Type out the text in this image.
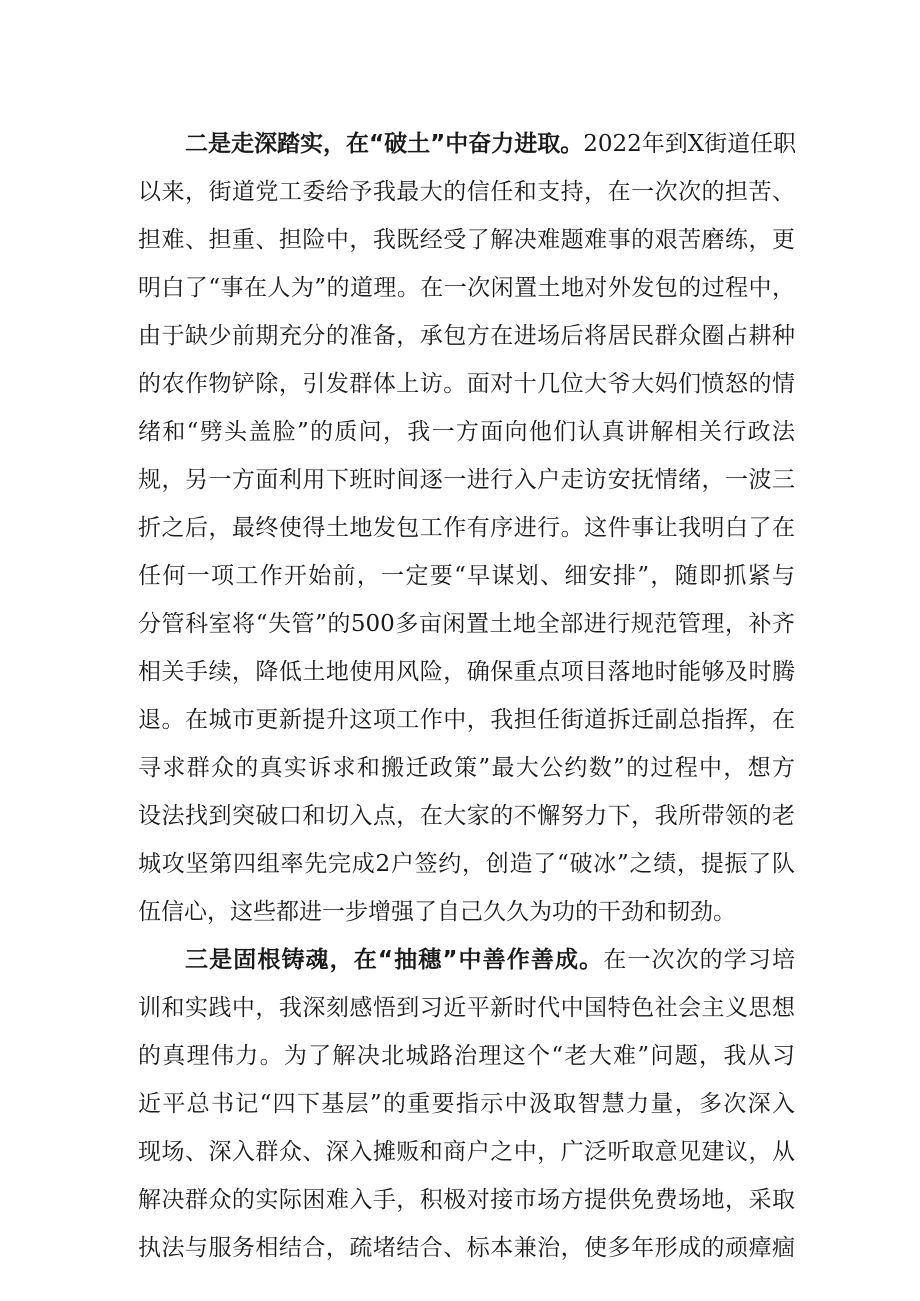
二是走深踏实，在“破土”中奋力进取。2022年到X街道任职
以来，街道党工委给予我最大的信任和支持，在一次次的担苦、
担难、担重、担险中，我既经受了解决难题难事的艰苦磨练，更
明白了“事在人为”的道理。在一次闲置土地对外发包的过程中，
由于缺少前期充分的准备，承包方在进场后将居民群众圈占耕种
的农作物铲除，引发群体上访。面对十几位大爷大妈们愤怒的情
绪和“劈头盖脸”的质问，我一方面向他们认真讲解相关行政法
规，另一方面利用下班时间逐一进行入户走访安抚情绪，一波三
折之后，最终使得土地发包工作有序进行。这件事让我明白了在
任何一项工作开始前，一定要“早谋划、细安排”，随即抓紧与
分管科室将“失管”的500多亩闲置土地全部进行规范管理，补齐
相关手续，降低土地使用风险，确保重点项目落地时能够及时腾
退。在城市更新提升这项工作中，我担任街道拆迁副总指挥，在
寻求群众的真实诉求和搬迁政策”最大公约数”的过程中，想方
设法找到突破口和切入点，在大家的不懈努力下，我所带领的老
城攻坚第四组率先完成2户签约，创造了“破冰”之绩，提振了队
伍信心，这些都进一步增强了自己久久为功的干劲和韧劲。
三是固根铸魂，在“抽穗”中善作善成。在一次次的学习培
训和实践中，我深刻感悟到习近平新时代中国特色社会主义思想
的真理伟力。为了解决北城路治理这个“老大难”问题，我从习
近平总书记“四下基层”的重要指示中汲取智慧力量，多次深入
现场、深入群众、深入摊贩和商户之中，广泛听取意见建议，从
解决群众的实际困难入手，积极对接市场方提供免费场地，采取
执法与服务相结合，疏堵结合、标本兼治，使多年形成的顽瘴痼
